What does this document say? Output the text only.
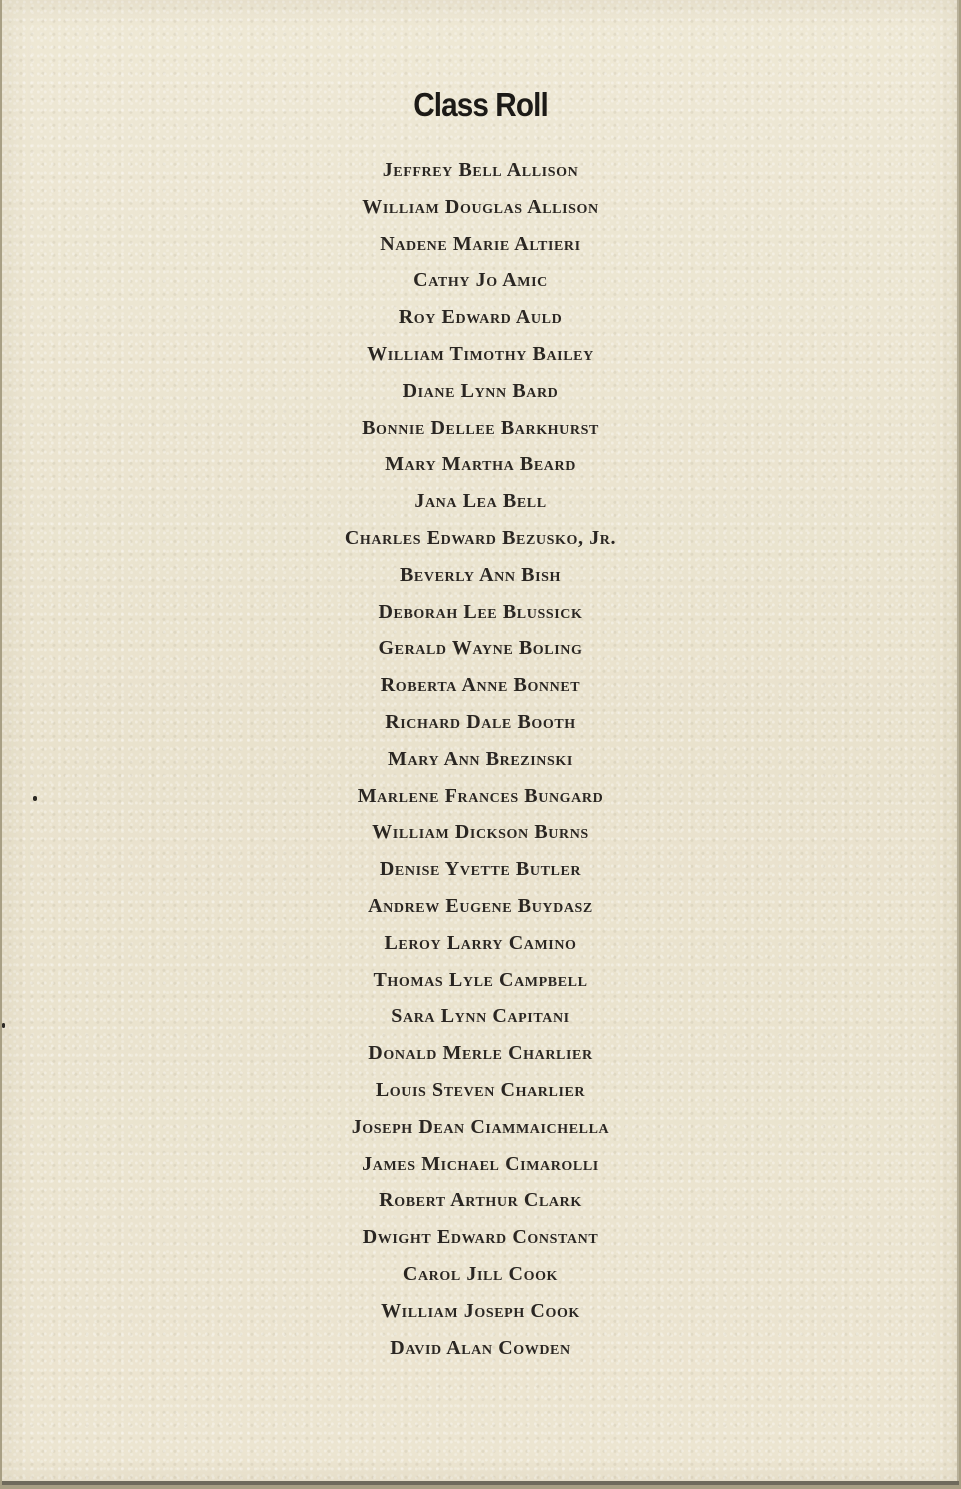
Class Roll
Jeffrey Bell Allison
William Douglas Allison
Nadene Marie Altieri
Cathy Jo Amic
Roy Edward Auld
William Timothy Bailey
Diane Lynn Bard
Bonnie Dellee Barkhurst
Mary Martha Beard
Jana Lea Bell
Charles Edward Bezusko, Jr.
Beverly Ann Bish
Deborah Lee Blussick
Gerald Wayne Boling
Roberta Anne Bonnet
Richard Dale Booth
Mary Ann Brezinski
Marlene Frances Bungard
William Dickson Burns
Denise Yvette Butler
Andrew Eugene Buydasz
Leroy Larry Camino
Thomas Lyle Campbell
Sara Lynn Capitani
Donald Merle Charlier
Louis Steven Charlier
Joseph Dean Ciammaichella
James Michael Cimarolli
Robert Arthur Clark
Dwight Edward Constant
Carol Jill Cook
William Joseph Cook
David Alan Cowden
